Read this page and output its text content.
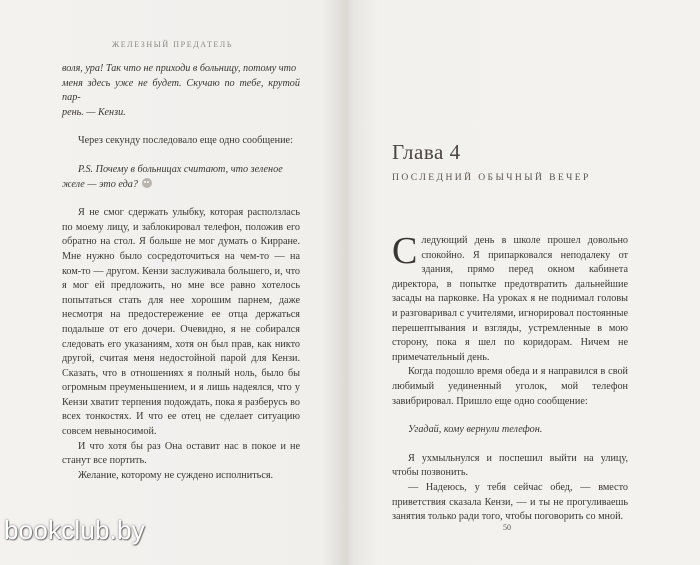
ЖЕЛЕЗНЫЙ ПРЕДАТЕЛЬ

воля, ура! Так что не приходи в больницу, потому что

меня здесь уже не будет. Скучаю по тебе, крутой пар-

рень. — Кензи.

Через секунду последовало еще одно сообщение:

P.S. Почему в больницах считают, что зеленое

желе — это еда?

Я не смог сдержать улыбку, которая расползлась по моему лицу, и заблокировал телефон, положив его обратно на стол. Я больше не мог думать о Кирране. Мне нужно было сосредоточиться на чем-то — на ком-то — другом. Кензи заслуживала большего, и, что я мог ей предложить, но мне все равно хотелось попытаться стать для нее хорошим парнем, даже несмотря на предостережение ее отца держаться подальше от его дочери. Очевидно, я не собирался следовать его указаниям, хотя он был прав, как никто другой, считая меня недостойной парой для Кензи. Сказать, что в отношениях я полный ноль, было бы огромным преуменьшением, и я лишь надеялся, что у Кензи хватит терпения подождать, пока я разберусь во всех тонкостях. И что ее отец не сделает ситуацию совсем невыносимой.

И что хотя бы раз Она оставит нас в покое и не станут все портить.

Желание, которому не суждено исполниться.

Глава 4
ПОСЛЕДНИЙ ОБЫЧНЫЙ ВЕЧЕР

Следующий день в школе прошел довольно спокойно. Я припарковался неподалеку от здания, прямо перед окном кабинета директора, в попытке предотвратить дальнейшие засады на парковке. На уроках я не поднимал головы и разговаривал с учителями, игнорировал постоянные перешептывания и взгляды, устремленные в мою сторону, пока я шел по коридорам. Ничем не примечательный день.

Когда подошло время обеда и я направился в свой любимый уединенный уголок, мой телефон завибрировал. Пришло еще одно сообщение:

Угадай, кому вернули телефон.

Я ухмыльнулся и поспешил выйти на улицу, чтобы позвонить.

— Надеюсь, у тебя сейчас обед, — вместо приветствия сказала Кензи, — и ты не прогуливаешь занятия только ради того, чтобы поговорить со мной.

50
bookclub.by
